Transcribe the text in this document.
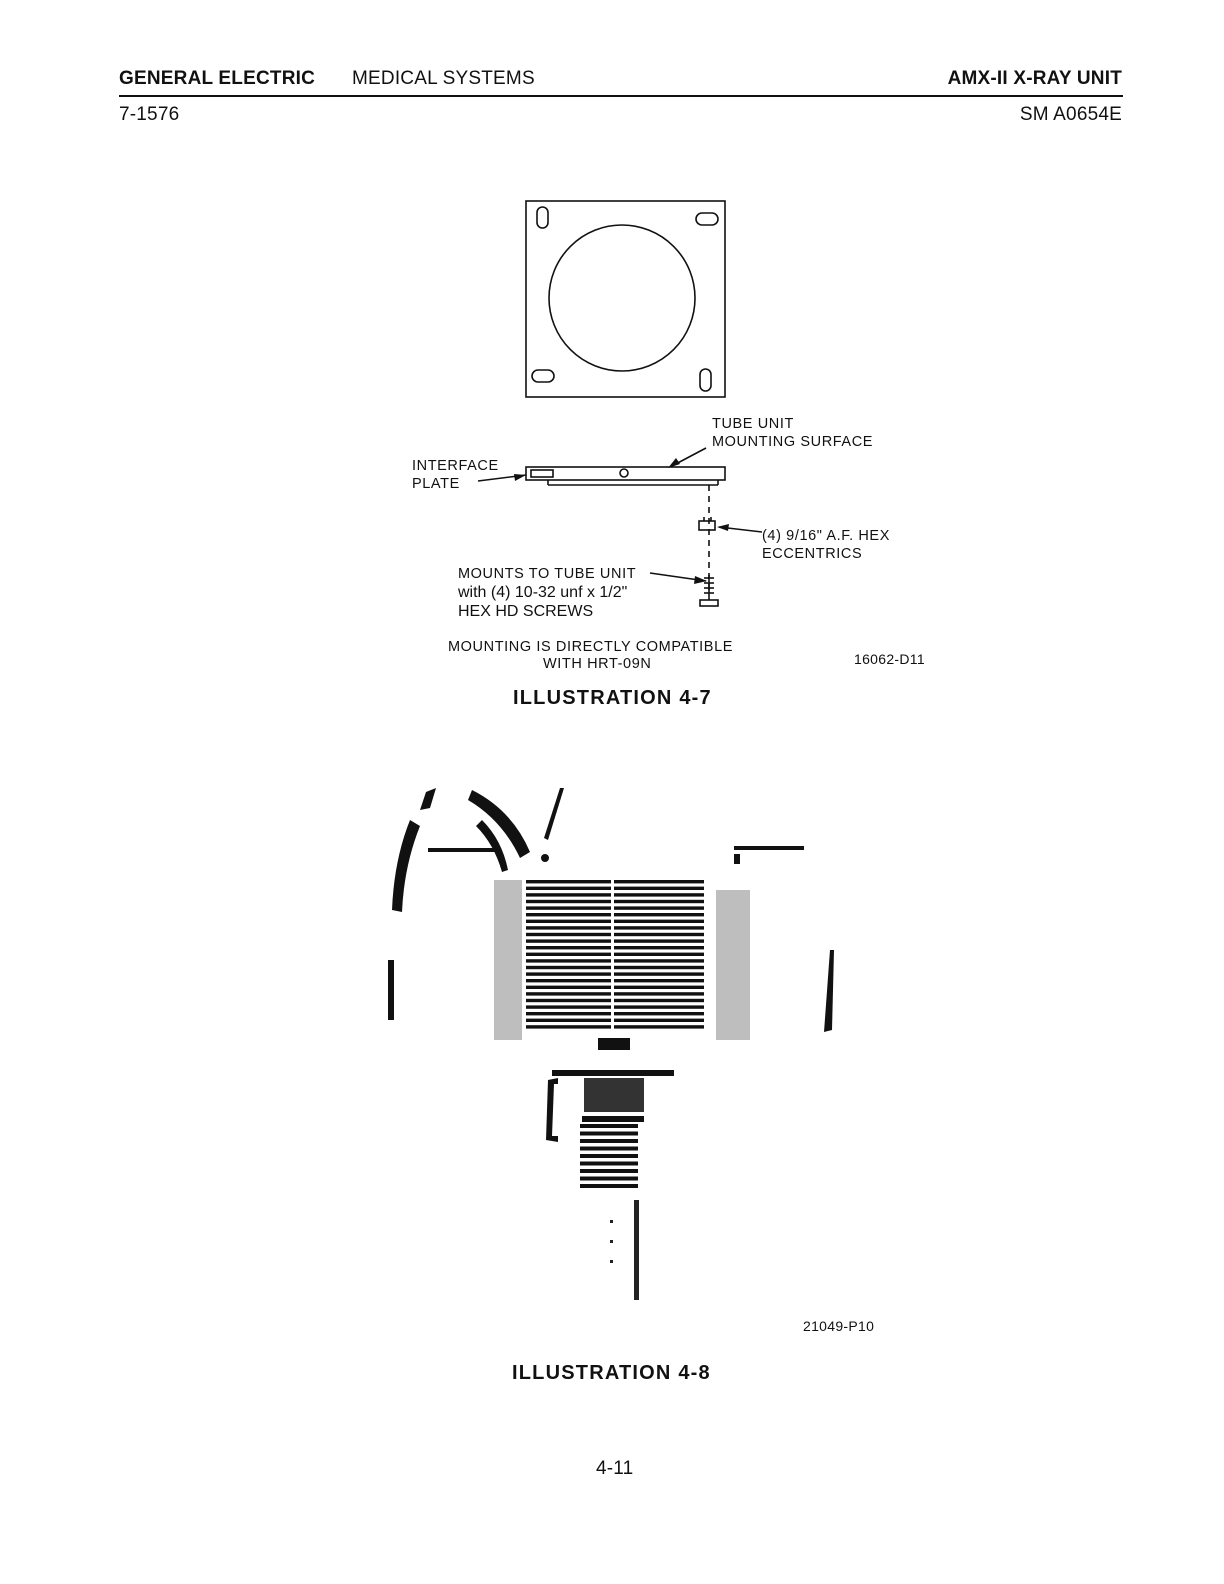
GENERAL ELECTRIC MEDICAL SYSTEMS	AMX-II X-RAY UNIT
7-1576	SM A0654E
TUBE UNIT
MOUNTING SURFACE
INTERFACE
PLATE
(4) 9/16" A.F. HEX
ECCENTRICS
MOUNTS TO TUBE UNIT
with (4) 10-32 unf x 1/2"
HEX HD SCREWS
MOUNTING IS DIRECTLY COMPATIBLE
WITH HRT-09N	16062-D11
ILLUSTRATION 4-7
21049-P10
ILLUSTRATION 4-8
4-11
